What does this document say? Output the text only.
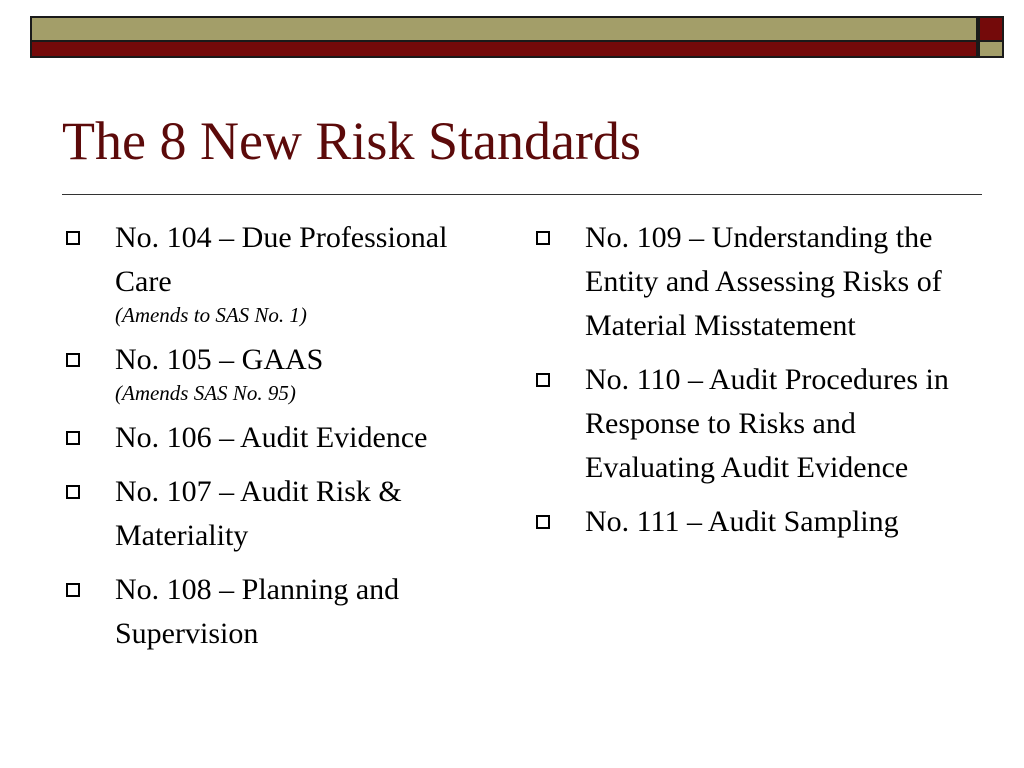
The 8 New Risk Standards
No. 104 – Due Professional Care
(Amends to SAS No. 1)
No. 105 – GAAS
(Amends SAS No. 95)
No. 106 – Audit Evidence
No. 107 – Audit Risk & Materiality
No. 108 – Planning and Supervision
No. 109 – Understanding the Entity and Assessing Risks of Material Misstatement
No. 110 – Audit Procedures in Response to Risks and Evaluating Audit Evidence
No. 111 – Audit Sampling
